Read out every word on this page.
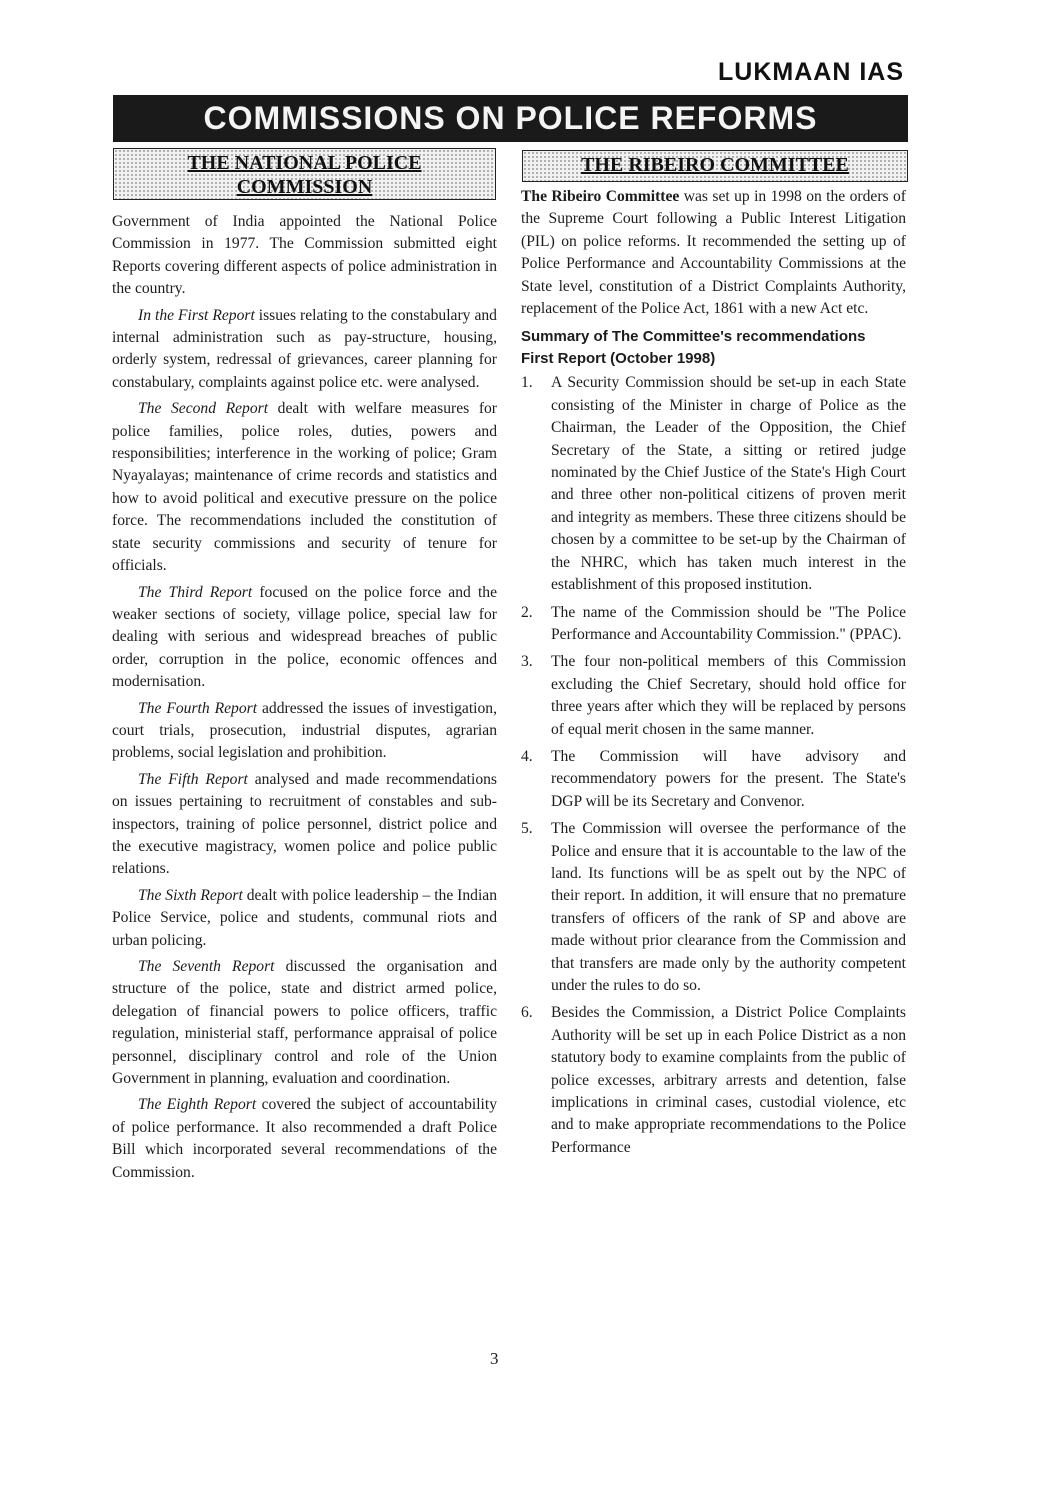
LUKMAAN IAS
COMMISSIONS ON POLICE REFORMS
THE NATIONAL POLICE
COMMISSION
THE RIBEIRO COMMITTEE

Government of India appointed the National Police Commission in 1977. The Commission submitted eight Reports covering different aspects of police administration in the country.

In the First Report issues relating to the constabulary and internal administration such as pay-structure, housing, orderly system, redressal of grievances, career planning for constabulary, complaints against police etc. were analysed.

The Second Report dealt with welfare measures for police families, police roles, duties, powers and responsibilities; interference in the working of police; Gram Nyayalayas; maintenance of crime records and statistics and how to avoid political and executive pressure on the police force. The recommendations included the constitution of state security commissions and security of tenure for officials.

The Third Report focused on the police force and the weaker sections of society, village police, special law for dealing with serious and widespread breaches of public order, corruption in the police, economic offences and modernisation.

The Fourth Report addressed the issues of investigation, court trials, prosecution, industrial disputes, agrarian problems, social legislation and prohibition.

The Fifth Report analysed and made recommendations on issues pertaining to recruitment of constables and sub-inspectors, training of police personnel, district police and the executive magistracy, women police and police public relations.

The Sixth Report dealt with police leadership – the Indian Police Service, police and students, communal riots and urban policing.

The Seventh Report discussed the organisation and structure of the police, state and district armed police, delegation of financial powers to police officers, traffic regulation, ministerial staff, performance appraisal of police personnel, disciplinary control and role of the Union Government in planning, evaluation and coordination.

The Eighth Report covered the subject of accountability of police performance. It also recommended a draft Police Bill which incorporated several recommendations of the Commission.

The Ribeiro Committee was set up in 1998 on the orders of the Supreme Court following a Public Interest Litigation (PIL) on police reforms. It recommended the setting up of Police Performance and Accountability Commissions at the State level, constitution of a District Complaints Authority, replacement of the Police Act, 1861 with a new Act etc.

Summary of The Committee's recommendations
First Report (October 1998)
1. A Security Commission should be set-up in each State consisting of the Minister in charge of Police as the Chairman, the Leader of the Opposition, the Chief Secretary of the State, a sitting or retired judge nominated by the Chief Justice of the State's High Court and three other non-political citizens of proven merit and integrity as members. These three citizens should be chosen by a committee to be set-up by the Chairman of the NHRC, which has taken much interest in the establishment of this proposed institution.
2. The name of the Commission should be "The Police Performance and Accountability Commission." (PPAC).
3. The four non-political members of this Commission excluding the Chief Secretary, should hold office for three years after which they will be replaced by persons of equal merit chosen in the same manner.
4. The Commission will have advisory and recommendatory powers for the present. The State's DGP will be its Secretary and Convenor.
5. The Commission will oversee the performance of the Police and ensure that it is accountable to the law of the land. Its functions will be as spelt out by the NPC of their report. In addition, it will ensure that no premature transfers of officers of the rank of SP and above are made without prior clearance from the Commission and that transfers are made only by the authority competent under the rules to do so.
6. Besides the Commission, a District Police Complaints Authority will be set up in each Police District as a non statutory body to examine complaints from the public of police excesses, arbitrary arrests and detention, false implications in criminal cases, custodial violence, etc and to make appropriate recommendations to the Police Performance
3
